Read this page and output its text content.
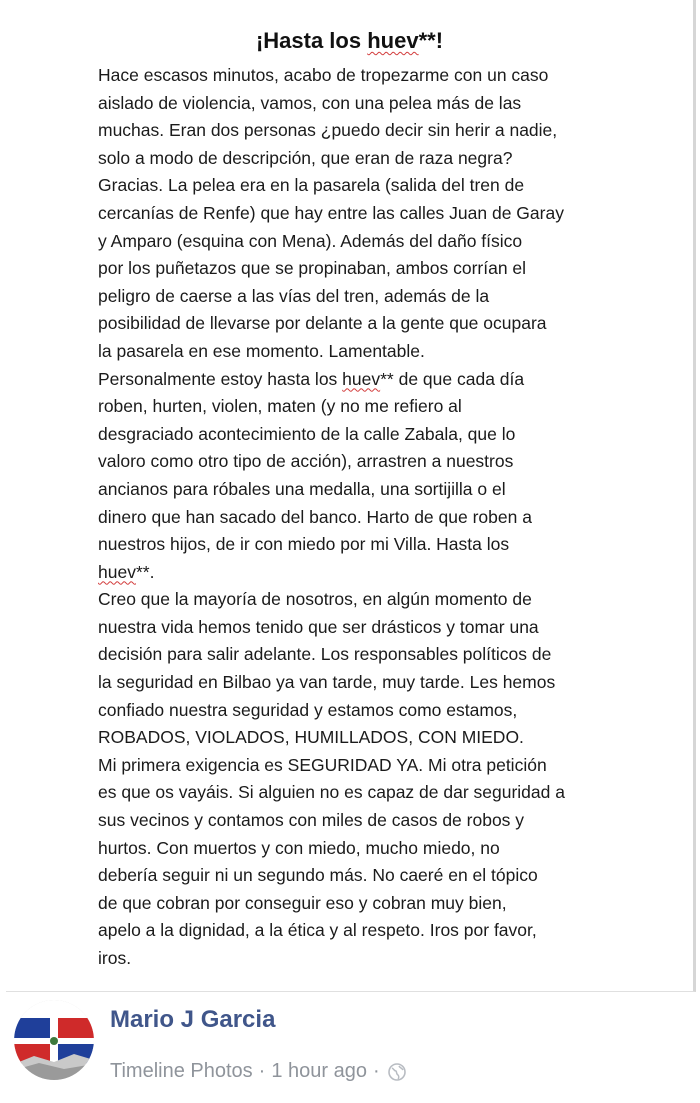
¡Hasta los huev**!
Hace escasos minutos, acabo de tropezarme con un caso
aislado de violencia, vamos, con una pelea más de las
muchas. Eran dos personas ¿puedo decir sin herir a nadie,
solo a modo de descripción, que eran de raza negra?
Gracias. La pelea era en la pasarela (salida del tren de
cercanías de Renfe) que hay entre las calles Juan de Garay
y Amparo (esquina con Mena). Además del daño físico
por los puñetazos que se propinaban, ambos corrían el
peligro de caerse a las vías del tren, además de la
posibilidad de llevarse por delante a la gente que ocupara
la pasarela en ese momento. Lamentable.
Personalmente estoy hasta los huev** de que cada día
roben, hurten, violen, maten (y no me refiero al
desgraciado acontecimiento de la calle Zabala, que lo
valoro como otro tipo de acción), arrastren a nuestros
ancianos para róbales una medalla, una sortijilla o el
dinero que han sacado del banco. Harto de que roben a
nuestros hijos, de ir con miedo por mi Villa. Hasta los
huev**.
Creo que la mayoría de nosotros, en algún momento de
nuestra vida hemos tenido que ser drásticos y tomar una
decisión para salir adelante. Los responsables políticos de
la seguridad en Bilbao ya van tarde, muy tarde. Les hemos
confiado nuestra seguridad y estamos como estamos,
ROBADOS, VIOLADOS, HUMILLADOS, CON MIEDO.
Mi primera exigencia es SEGURIDAD YA. Mi otra petición
es que os vayáis. Si alguien no es capaz de dar seguridad a
sus vecinos y contamos con miles de casos de robos y
hurtos. Con muertos y con miedo, mucho miedo, no
debería seguir ni un segundo más. No caeré en el tópico
de que cobran por conseguir eso y cobran muy bien,
apelo a la dignidad, a la ética y al respeto. Iros por favor,
iros.
Mario J Garcia
Timeline Photos · 1 hour ago ·
